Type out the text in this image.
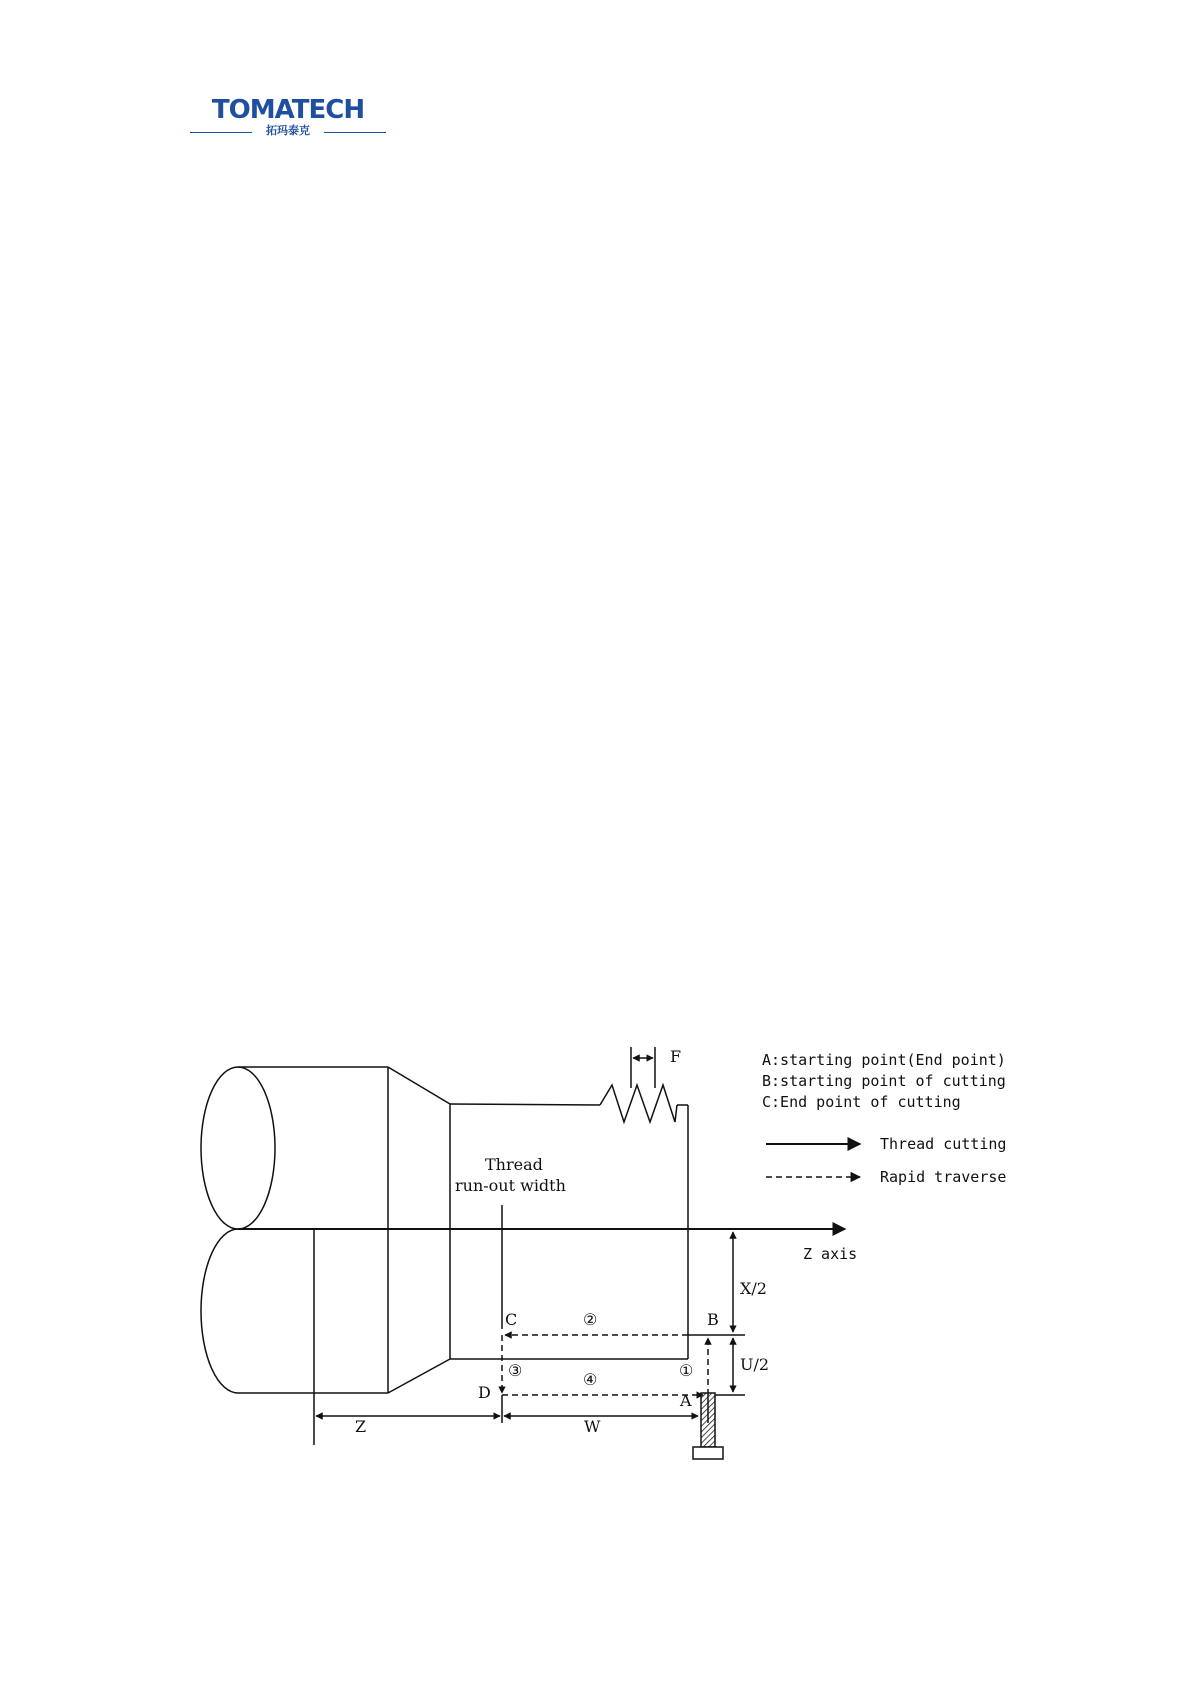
TOMATECH
拓玛泰克
F
Z axis
Thread
run-out width
C	B
D	A
②
③	④	①
X/2
U/2
Z	W
A:starting point(End point)
B:starting point of cutting
C:End point of cutting
Thread cutting
Rapid traverse
